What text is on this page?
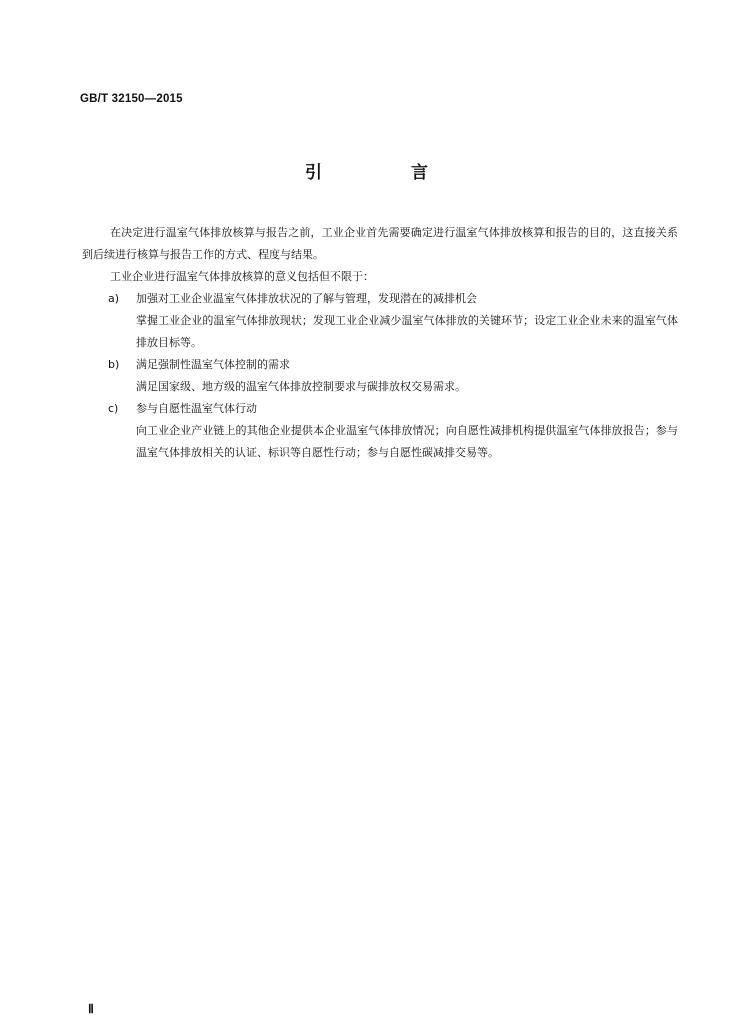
GB/T 32150—2015
引　言

在决定进行温室气体排放核算与报告之前，工业企业首先需要确定进行温室气体排放核算和报告的目的，这直接关系到后续进行核算与报告工作的方式、程度与结果。

工业企业进行温室气体排放核算的意义包括但不限于：

a) 加强对工业企业温室气体排放状况的了解与管理，发现潜在的减排机会
掌握工业企业的温室气体排放现状；发现工业企业减少温室气体排放的关键环节；设定工业企业未来的温室气体排放目标等。
b) 满足强制性温室气体控制的需求
满足国家级、地方级的温室气体排放控制要求与碳排放权交易需求。
c) 参与自愿性温室气体行动
向工业企业产业链上的其他企业提供本企业温室气体排放情况；向自愿性减排机构提供温室气体排放报告；参与温室气体排放相关的认证、标识等自愿性行动；参与自愿性碳减排交易等。
Ⅱ
